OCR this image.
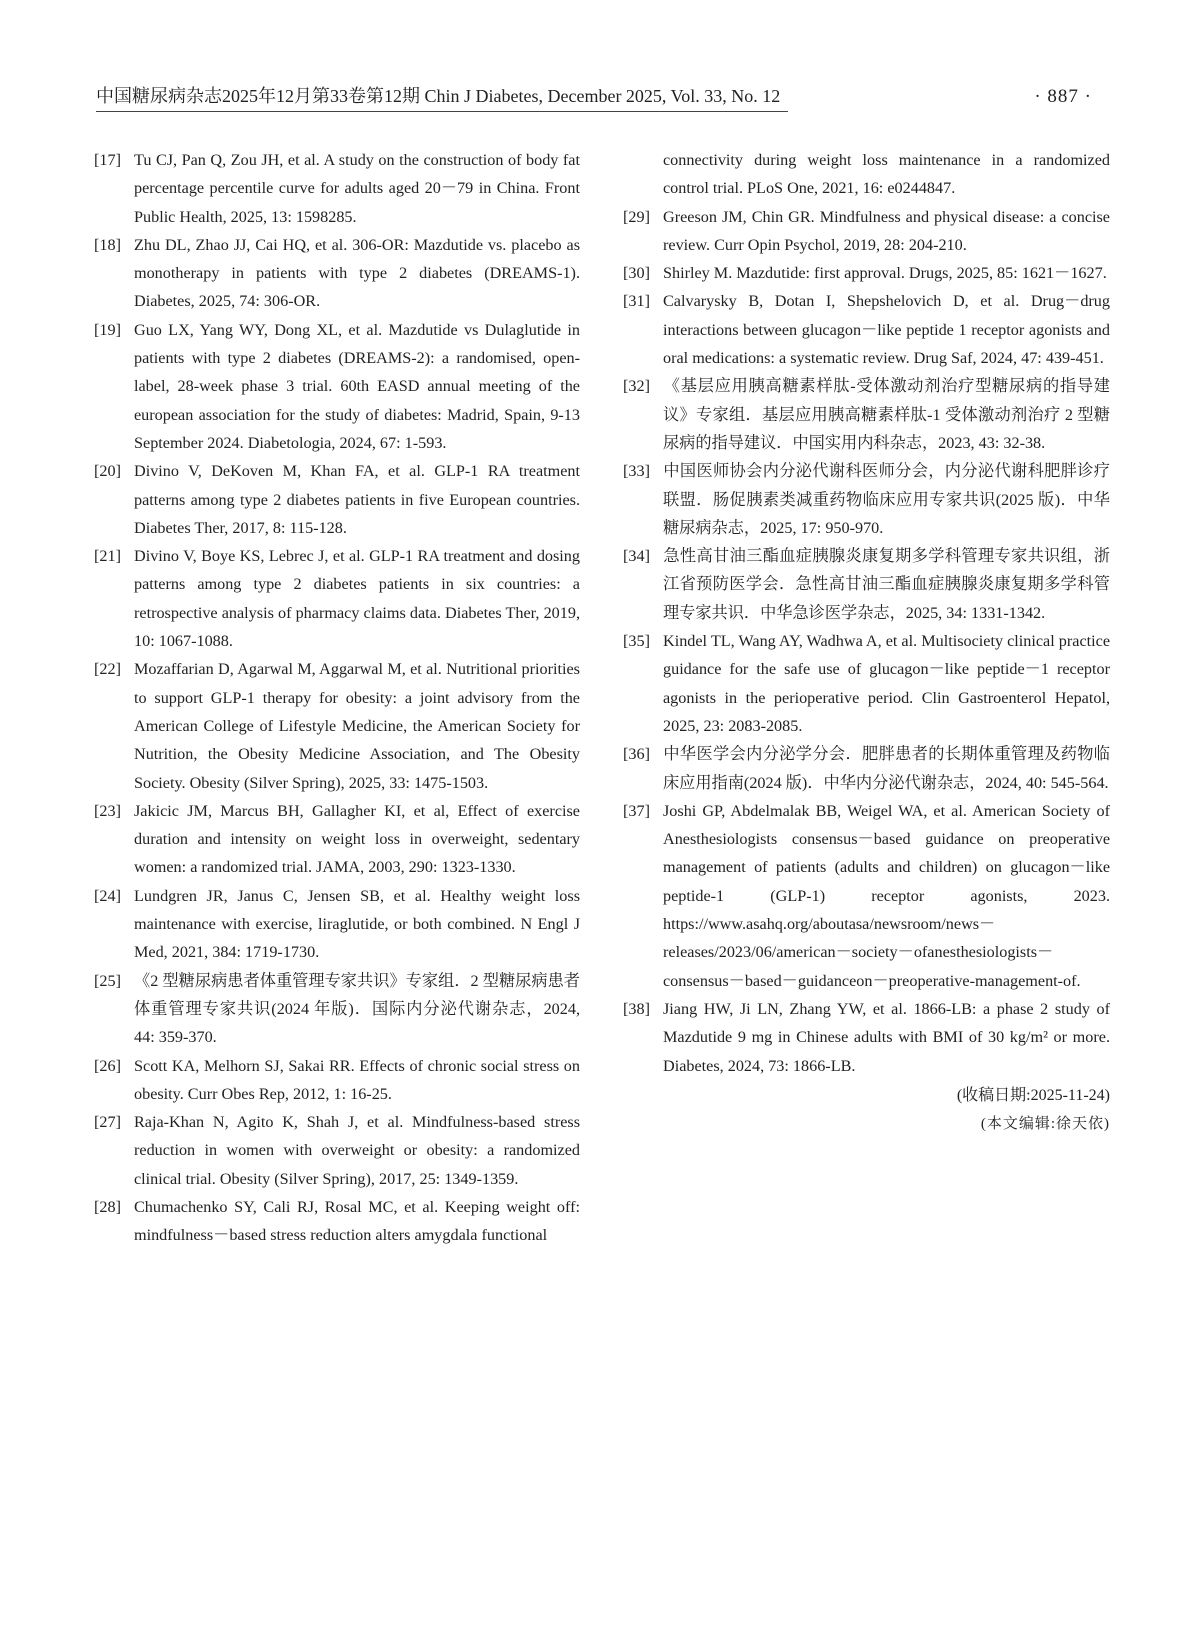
中国糖尿病杂志2025年12月第33卷第12期 Chin J Diabetes, December 2025, Vol. 33, No. 12	· 887 ·
[17] Tu CJ, Pan Q, Zou JH, et al. A study on the construction of body fat percentage percentile curve for adults aged 20－79 in China. Front Public Health, 2025, 13: 1598285.
[18] Zhu DL, Zhao JJ, Cai HQ, et al. 306-OR: Mazdutide vs. placebo as monotherapy in patients with type 2 diabetes (DREAMS-1). Diabetes, 2025, 74: 306-OR.
[19] Guo LX, Yang WY, Dong XL, et al. Mazdutide vs Dulaglutide in patients with type 2 diabetes (DREAMS-2): a randomised, open-label, 28-week phase 3 trial. 60th EASD annual meeting of the european association for the study of diabetes: Madrid, Spain, 9-13 September 2024. Diabetologia, 2024, 67: 1-593.
[20] Divino V, DeKoven M, Khan FA, et al. GLP-1 RA treatment patterns among type 2 diabetes patients in five European countries. Diabetes Ther, 2017, 8: 115-128.
[21] Divino V, Boye KS, Lebrec J, et al. GLP-1 RA treatment and dosing patterns among type 2 diabetes patients in six countries: a retrospective analysis of pharmacy claims data. Diabetes Ther, 2019, 10: 1067-1088.
[22] Mozaffarian D, Agarwal M, Aggarwal M, et al. Nutritional priorities to support GLP-1 therapy for obesity: a joint advisory from the American College of Lifestyle Medicine, the American Society for Nutrition, the Obesity Medicine Association, and The Obesity Society. Obesity (Silver Spring), 2025, 33: 1475-1503.
[23] Jakicic JM, Marcus BH, Gallagher KI, et al, Effect of exercise duration and intensity on weight loss in overweight, sedentary women: a randomized trial. JAMA, 2003, 290: 1323-1330.
[24] Lundgren JR, Janus C, Jensen SB, et al. Healthy weight loss maintenance with exercise, liraglutide, or both combined. N Engl J Med, 2021, 384: 1719-1730.
[25] 《2 型糖尿病患者体重管理专家共识》专家组．2 型糖尿病患者体重管理专家共识(2024 年版)．国际内分泌代谢杂志，2024, 44: 359-370.
[26] Scott KA, Melhorn SJ, Sakai RR. Effects of chronic social stress on obesity. Curr Obes Rep, 2012, 1: 16-25.
[27] Raja-Khan N, Agito K, Shah J, et al. Mindfulness-based stress reduction in women with overweight or obesity: a randomized clinical trial. Obesity (Silver Spring), 2017, 25: 1349-1359.
[28] Chumachenko SY, Cali RJ, Rosal MC, et al. Keeping weight off: mindfulness－based stress reduction alters amygdala functional
connectivity during weight loss maintenance in a randomized control trial. PLoS One, 2021, 16: e0244847.
[29] Greeson JM, Chin GR. Mindfulness and physical disease: a concise review. Curr Opin Psychol, 2019, 28: 204-210.
[30] Shirley M. Mazdutide: first approval. Drugs, 2025, 85: 1621－1627.
[31] Calvarysky B, Dotan I, Shepshelovich D, et al. Drug－drug interactions between glucagon－like peptide 1 receptor agonists and oral medications: a systematic review. Drug Saf, 2024, 47: 439-451.
[32] 《基层应用胰高糖素样肽-受体激动剂治疗型糖尿病的指导建议》专家组．基层应用胰高糖素样肽-1 受体激动剂治疗 2 型糖尿病的指导建议．中国实用内科杂志，2023, 43: 32-38.
[33] 中国医师协会内分泌代谢科医师分会，内分泌代谢科肥胖诊疗联盟．肠促胰素类减重药物临床应用专家共识(2025 版)．中华糖尿病杂志，2025, 17: 950-970.
[34] 急性高甘油三酯血症胰腺炎康复期多学科管理专家共识组，浙江省预防医学会．急性高甘油三酯血症胰腺炎康复期多学科管理专家共识．中华急诊医学杂志，2025, 34: 1331-1342.
[35] Kindel TL, Wang AY, Wadhwa A, et al. Multisociety clinical practice guidance for the safe use of glucagon－like peptide－1 receptor agonists in the perioperative period. Clin Gastroenterol Hepatol, 2025, 23: 2083-2085.
[36] 中华医学会内分泌学分会．肥胖患者的长期体重管理及药物临床应用指南(2024 版)．中华内分泌代谢杂志，2024, 40: 545-564.
[37] Joshi GP, Abdelmalak BB, Weigel WA, et al. American Society of Anesthesiologists consensus－based guidance on preoperative management of patients (adults and children) on glucagon－like peptide-1 (GLP-1) receptor agonists, 2023. https://www.asahq.org/aboutasa/newsroom/news－releases/2023/06/american－society－ofanesthesiologists－consensus－based－guidanceon－preoperative-management-of.
[38] Jiang HW, Ji LN, Zhang YW, et al. 1866-LB: a phase 2 study of Mazdutide 9 mg in Chinese adults with BMI of 30 kg/m² or more. Diabetes, 2024, 73: 1866-LB.
(收稿日期:2025-11-24)
(本文编辑:徐天依)
